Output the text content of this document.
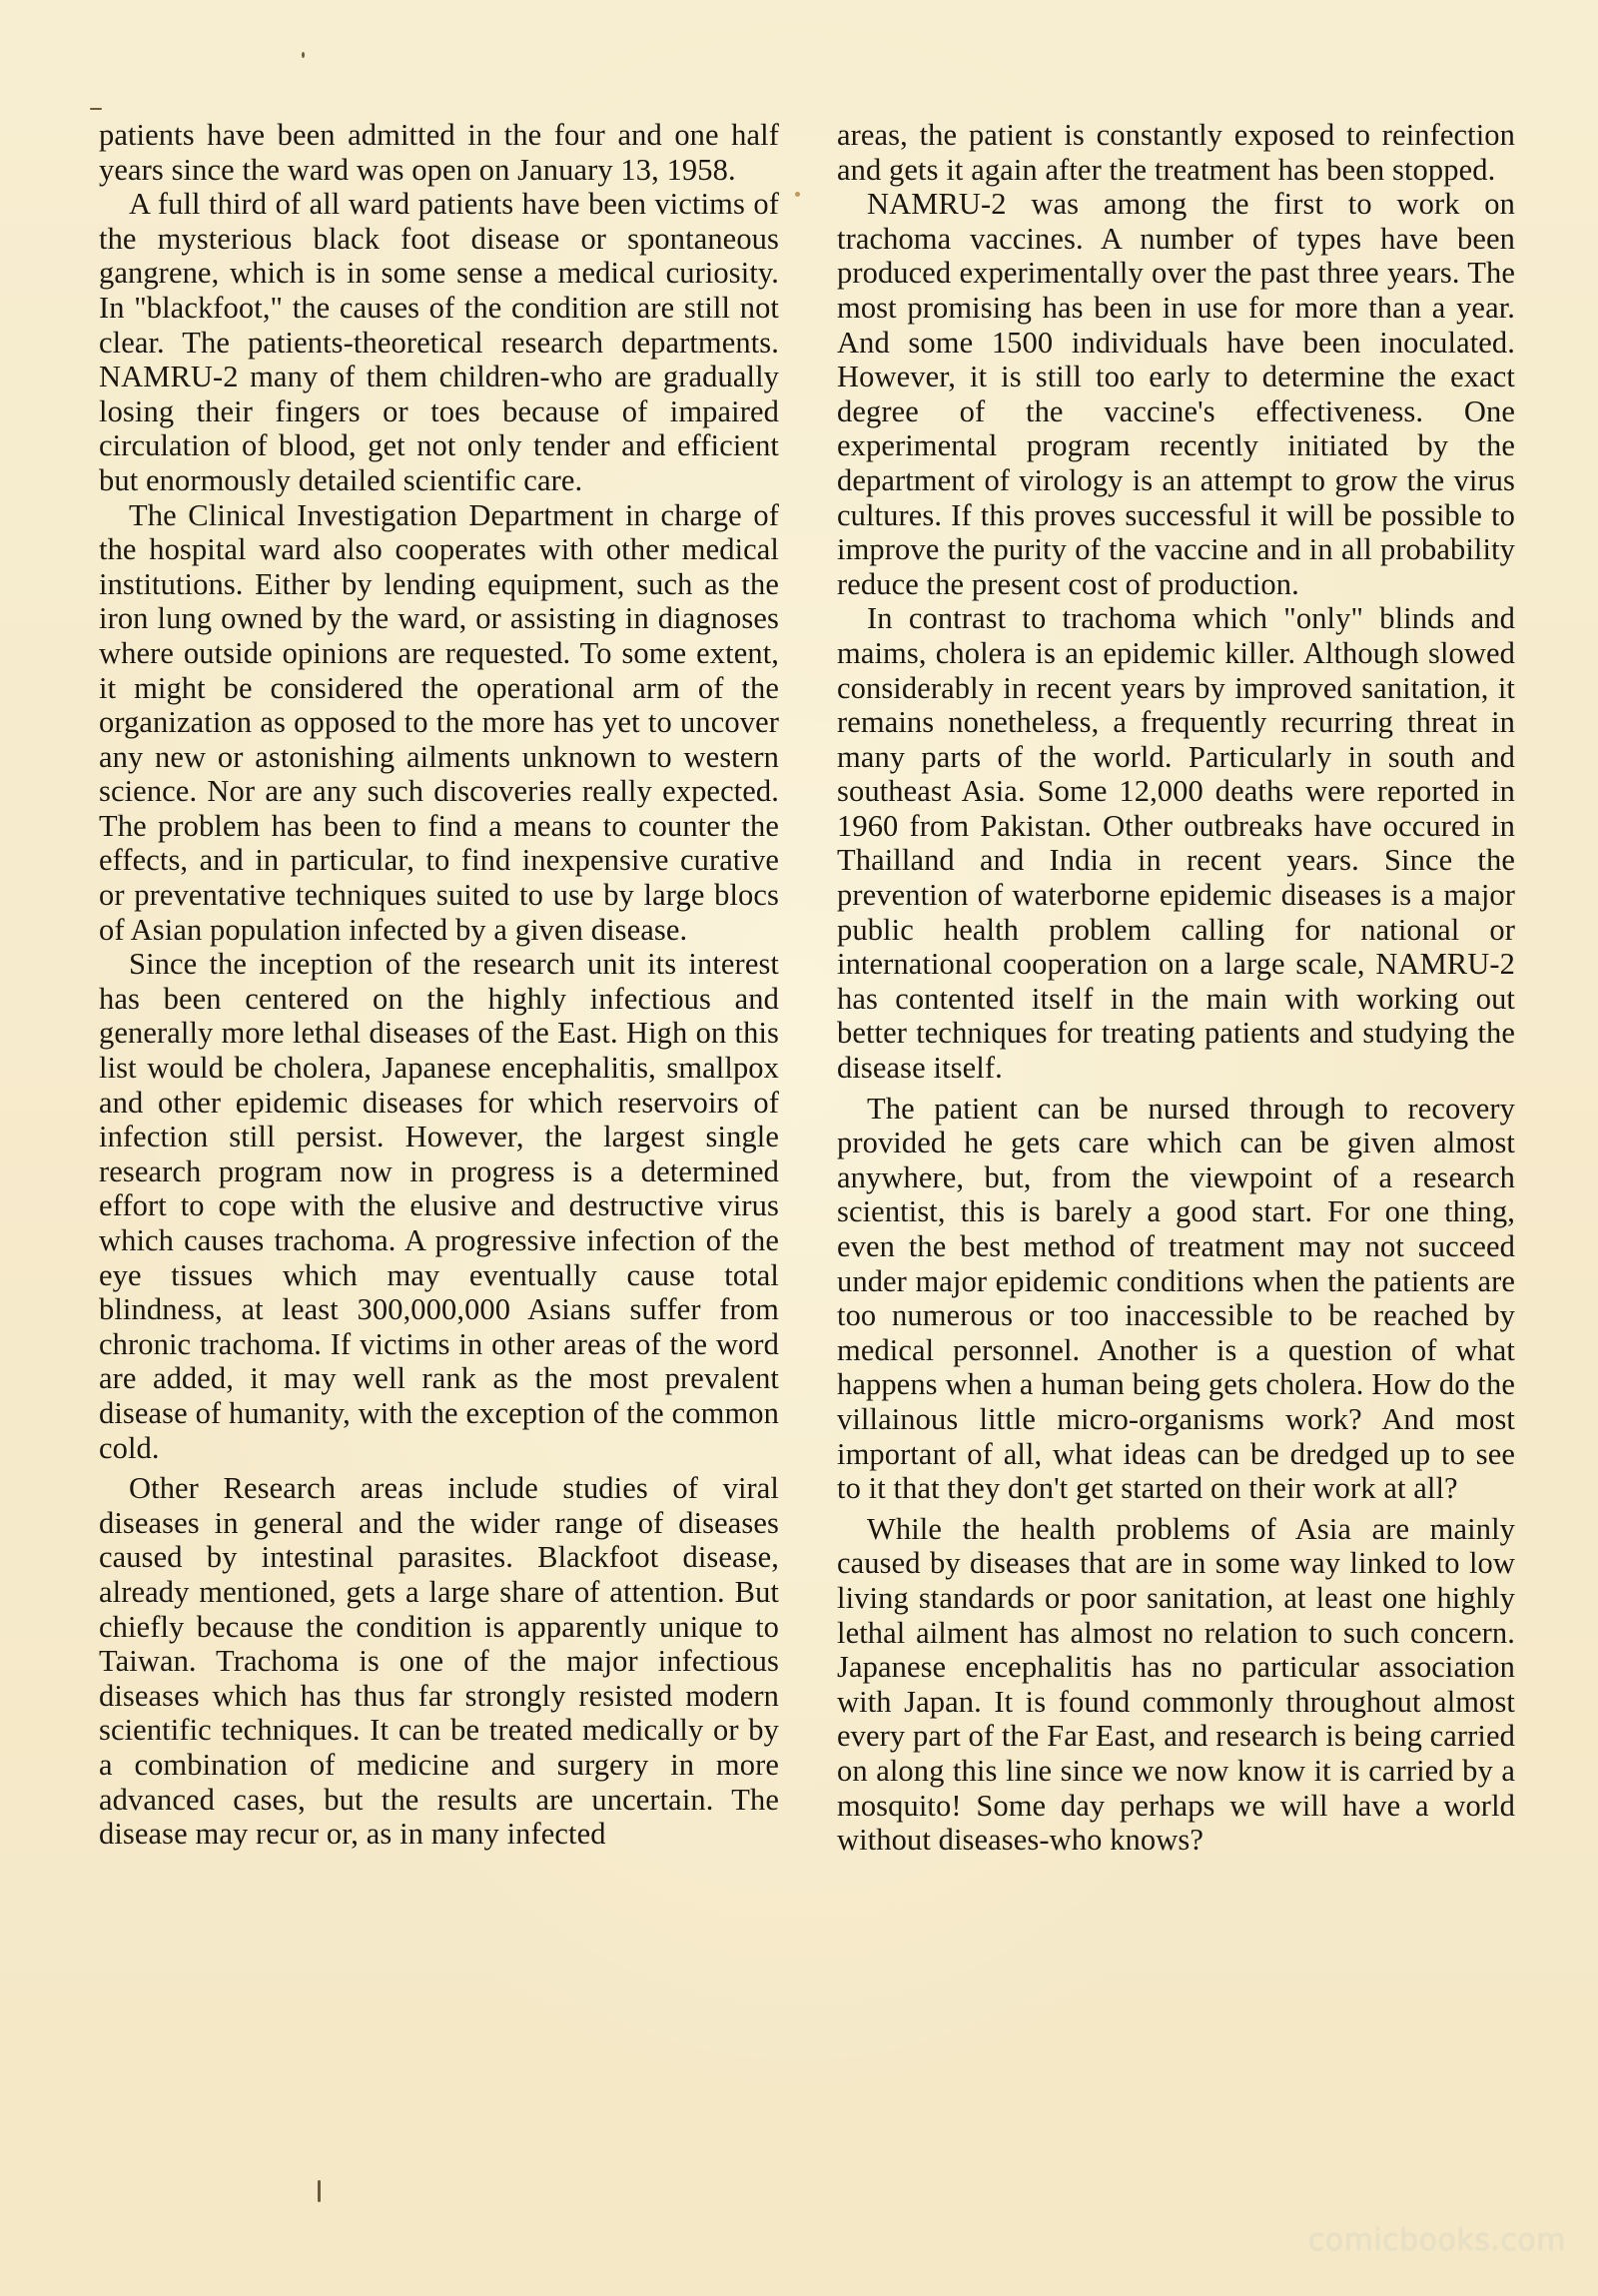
patients have been admitted in the four and one half years since the ward was open on January 13, 1958.

A full third of all ward patients have been victims of the mysterious black foot disease or spontaneous gangrene, which is in some sense a medical curiosity. In "blackfoot," the causes of the condition are still not clear. The patients-theoretical research departments. NAMRU-2 many of them children-who are gradually losing their fingers or toes because of impaired circulation of blood, get not only tender and efficient but enormously detailed scientific care.

The Clinical Investigation Department in charge of the hospital ward also cooperates with other medical institutions. Either by lending equipment, such as the iron lung owned by the ward, or assisting in diagnoses where outside opinions are requested. To some extent, it might be considered the operational arm of the organization as opposed to the more has yet to uncover any new or astonishing ailments unknown to western science. Nor are any such discoveries really expected. The problem has been to find a means to counter the effects, and in particular, to find inexpensive curative or preventative techniques suited to use by large blocs of Asian population infected by a given disease.

Since the inception of the research unit its interest has been centered on the highly infectious and generally more lethal diseases of the East. High on this list would be cholera, Japanese encephalitis, smallpox and other epidemic diseases for which reservoirs of infection still persist. However, the largest single research program now in progress is a determined effort to cope with the elusive and destructive virus which causes trachoma. A progressive infection of the eye tissues which may eventually cause total blindness, at least 300,000,000 Asians suffer from chronic trachoma. If victims in other areas of the word are added, it may well rank as the most prevalent disease of humanity, with the exception of the common cold.

Other Research areas include studies of viral diseases in general and the wider range of diseases caused by intestinal parasites. Blackfoot disease, already mentioned, gets a large share of attention. But chiefly because the condition is apparently unique to Taiwan. Trachoma is one of the major infectious diseases which has thus far strongly resisted modern scientific techniques. It can be treated medically or by a combination of medicine and surgery in more advanced cases, but the results are uncertain. The disease may recur or, as in many infected

areas, the patient is constantly exposed to reinfection and gets it again after the treatment has been stopped.

NAMRU-2 was among the first to work on trachoma vaccines. A number of types have been produced experimentally over the past three years. The most promising has been in use for more than a year. And some 1500 individuals have been inoculated. However, it is still too early to determine the exact degree of the vaccine's effectiveness. One experimental program recently initiated by the department of virology is an attempt to grow the virus cultures. If this proves successful it will be possible to improve the purity of the vaccine and in all probability reduce the present cost of production.

In contrast to trachoma which "only" blinds and maims, cholera is an epidemic killer. Although slowed considerably in recent years by improved sanitation, it remains nonetheless, a frequently recurring threat in many parts of the world. Particularly in south and southeast Asia. Some 12,000 deaths were reported in 1960 from Pakistan. Other outbreaks have occured in Thailland and India in recent years. Since the prevention of waterborne epidemic diseases is a major public health problem calling for national or international cooperation on a large scale, NAMRU-2 has contented itself in the main with working out better techniques for treating patients and studying the disease itself.

The patient can be nursed through to recovery provided he gets care which can be given almost anywhere, but, from the viewpoint of a research scientist, this is barely a good start. For one thing, even the best method of treatment may not succeed under major epidemic conditions when the patients are too numerous or too inaccessible to be reached by medical personnel. Another is a question of what happens when a human being gets cholera. How do the villainous little micro-organisms work? And most important of all, what ideas can be dredged up to see to it that they don't get started on their work at all?

While the health problems of Asia are mainly caused by diseases that are in some way linked to low living standards or poor sanitation, at least one highly lethal ailment has almost no relation to such concern. Japanese encephalitis has no particular association with Japan. It is found commonly throughout almost every part of the Far East, and research is being carried on along this line since we now know it is carried by a mosquito! Some day perhaps we will have a world without diseases-who knows?

comicbooks.com
